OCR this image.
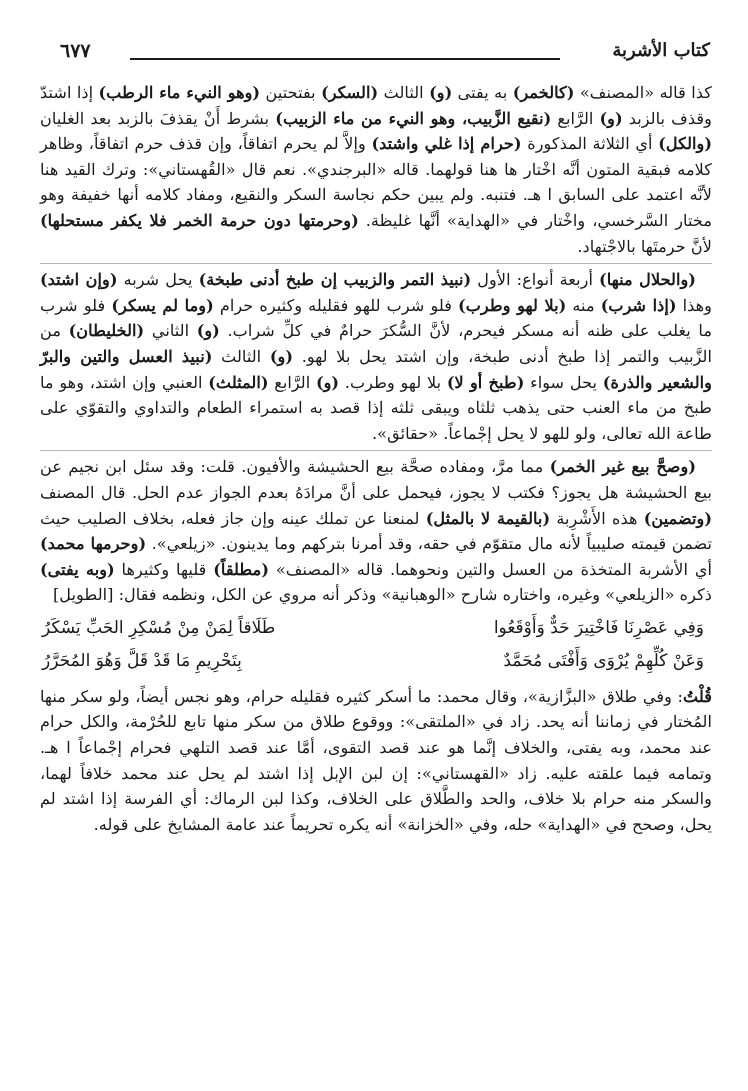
كتاب الأشربة
٦٧٧

كذا قاله «المصنف» (كالخمر) به يفتى (و) الثالث (السكر) بفتحتين (وهو النيء ماء الرطب) إذا اشتدّ وقذف بالزبد (و) الرَّابع (نقيع الزَّبيب، وهو النيء من ماء الزبيب) بشرط أَنْ يقذفَ بالزبد بعد الغليان (والكل) أي الثلاثة المذكورة (حرام إذا غلي واشتد) وإلاَّ لم يحرم اتفاقاً، وإن قذف حرم اتفاقاً، وظاهر كلامه فبقية المتون أنَّه اخْتار ها هنا قولهما. قاله «البرجندي». نعم قال «القُهستاني»: وترك القيد هنا لأنَّه اعتمد على السابق ا هـ. فتنبه. ولم يبين حكم نجاسة السكر والنقيع، ومفاد كلامه أنها خفيفة وهو مختار السَّرخسي، واخْتار في «الهداية» أنَّها غليظة. (وحرمتها دون حرمة الخمر فلا يكفر مستحلها) لأنَّ حرمتَها بالاجْتهاد.

(والحلال منها) أربعة أنواع: الأول (نبيذ التمر والزبيب إن طبخ أدنى طبخة) يحل شربه (وإن اشتد) وهذا (إذا شرب) منه (بلا لهو وطرب) فلو شرب للهو فقليله وكثيره حرام (وما لم يسكر) فلو شرب ما يغلب على ظنه أنه مسكر فيحرم، لأنَّ السُّكرَ حرامٌ في كلِّ شراب. (و) الثاني (الخليطان) من الزَّبيب والتمر إذا طبخ أدنى طبخة، وإن اشتد يحل بلا لهو. (و) الثالث (نبيذ العسل والتين والبرّ والشعير والذرة) يحل سواء (طبخ أو لا) بلا لهو وطرب. (و) الرَّابع (المثلث) العنبي وإن اشتد، وهو ما طبخ من ماء العنب حتى يذهب ثلثاه ويبقى ثلثه إذا قصد به استمراء الطعام والتداوي والتقوّي على طاعة الله تعالى، ولو للهو لا يحل إجْماعاً. «حقائق».

(وصحَّ بيع غير الخمر) مما مرَّ، ومفاده صحَّة بيع الحشيشة والأفيون. قلت: وقد سئل ابن نجيم عن بيع الحشيشة هل يجوز؟ فكتب لا يجوز، فيحمل على أنَّ مرادَهُ بعدم الجواز عدم الحل. قال المصنف (وتضمين) هذه الأَشْرِبة (بالقيمة لا بالمثل) لمنعنا عن تملك عينه وإن جاز فعله، بخلاف الصليب حيث تضمن قيمته صليبياً لأنه مال متقوّم في حقه، وقد أمرنا بتركهم وما يدينون. «زيلعي». (وحرمها محمد) أي الأشربة المتخذة من العسل والتين ونحوهما. قاله «المصنف» (مطلقاً) قليها وكثيرها (وبه يفتى) ذكره «الزيلعي» وغيره، واختاره شارح «الوهبانية» وذكر أنه مروي عن الكل، ونظمه فقال: [الطويل]

وَفِي عَصْرِنَا فَاخْتِيرَ حَدٌّ وَأَوْقَعُوا
طَلَاقاً لِمَنْ مِنْ مُسْكِرِ الحَبِّ يَسْكَرُ
وَعَنْ كُلِّهِمْ يُرْوَى وَأَفْتَى مُحَمَّدٌ
بِتَحْرِيمِ مَا قَدْ قَلَّ وَهُوَ المُحَرَّرُ

قُلْتُ: وفي طلاق «البزَّازية»، وقال محمد: ما أسكر كثيره فقليله حرام، وهو نجس أيضاً، ولو سكر منها المُختار في زماننا أنه يحد. زاد في «الملتقى»: ووقوع طلاق من سكر منها تابع للحُرْمة، والكل حرام عند محمد، وبه يفتى، والخلاف إنَّما هو عند قصد التقوى، أمَّا عند قصد التلهي فحرام إجْماعاً ا هـ. وتمامه فيما علقته عليه. زاد «القهستاني»: إن لبن الإبل إذا اشتد لم يحل عند محمد خلافاً لهما، والسكر منه حرام بلا خلاف، والحد والطَّلاق على الخلاف، وكذا لبن الرماك: أي الفرسة إذا اشتد لم يحل، وصحح في «الهداية» حله، وفي «الخزانة» أنه يكره تحريماً عند عامة المشايخ على قوله.
